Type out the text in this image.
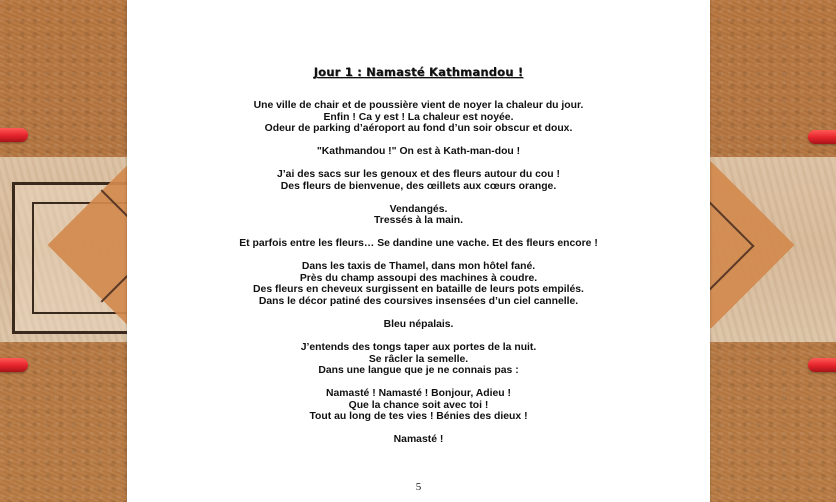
Jour 1 : Namasté Kathmandou !

Une ville de chair et de poussière vient de noyer la chaleur du jour.
Enfin ! Ca y est ! La chaleur est noyée.
Odeur de parking d’aéroport au fond d’un soir obscur et doux.

"Kathmandou !" On est à Kath-man-dou !

J’ai des sacs sur les genoux et des fleurs autour du cou !
Des fleurs de bienvenue, des œillets aux cœurs orange.

Vendangés.
Tressés à la main.

Et parfois entre les fleurs… Se dandine une vache. Et des fleurs encore !

Dans les taxis de Thamel, dans mon hôtel fané.
Près du champ assoupi des machines à coudre.
Des fleurs en cheveux surgissent en bataille de leurs pots empilés.
Dans le décor patiné des coursives insensées d’un ciel cannelle.

Bleu népalais.

J’entends des tongs taper aux portes de la nuit.
Se râcler la semelle.
Dans une langue que je ne connais pas :

Namasté ! Namasté ! Bonjour, Adieu !
Que la chance soit avec toi !
Tout au long de tes vies ! Bénies des dieux !

Namasté !

5
